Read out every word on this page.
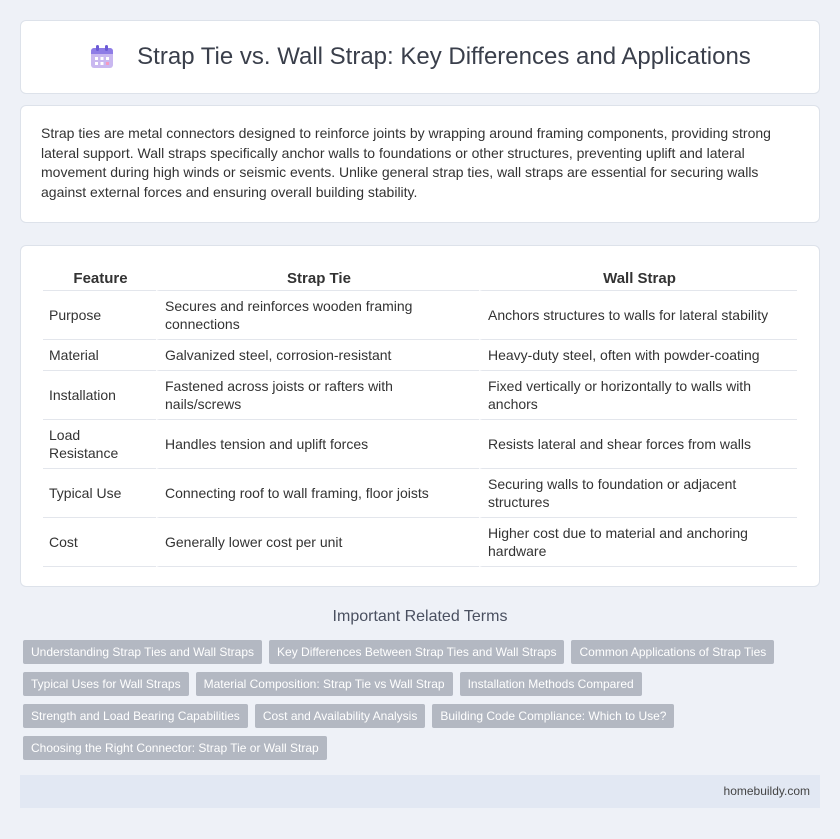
Strap Tie vs. Wall Strap: Key Differences and Applications

Strap ties are metal connectors designed to reinforce joints by wrapping around framing components, providing strong lateral support. Wall straps specifically anchor walls to foundations or other structures, preventing uplift and lateral movement during high winds or seismic events. Unlike general strap ties, wall straps are essential for securing walls against external forces and ensuring overall building stability.

Feature	Strap Tie	Wall Strap
Purpose	Secures and reinforces wooden framing connections	Anchors structures to walls for lateral stability
Material	Galvanized steel, corrosion-resistant	Heavy-duty steel, often with powder-coating
Installation	Fastened across joists or rafters with nails/screws	Fixed vertically or horizontally to walls with anchors
Load Resistance	Handles tension and uplift forces	Resists lateral and shear forces from walls
Typical Use	Connecting roof to wall framing, floor joists	Securing walls to foundation or adjacent structures
Cost	Generally lower cost per unit	Higher cost due to material and anchoring hardware
Important Related Terms
Understanding Strap Ties and Wall Straps	Key Differences Between Strap Ties and Wall Straps	Common Applications of Strap Ties
Typical Uses for Wall Straps	Material Composition: Strap Tie vs Wall Strap	Installation Methods Compared
Strength and Load Bearing Capabilities	Cost and Availability Analysis	Building Code Compliance: Which to Use?
Choosing the Right Connector: Strap Tie or Wall Strap
homebuildy.com
